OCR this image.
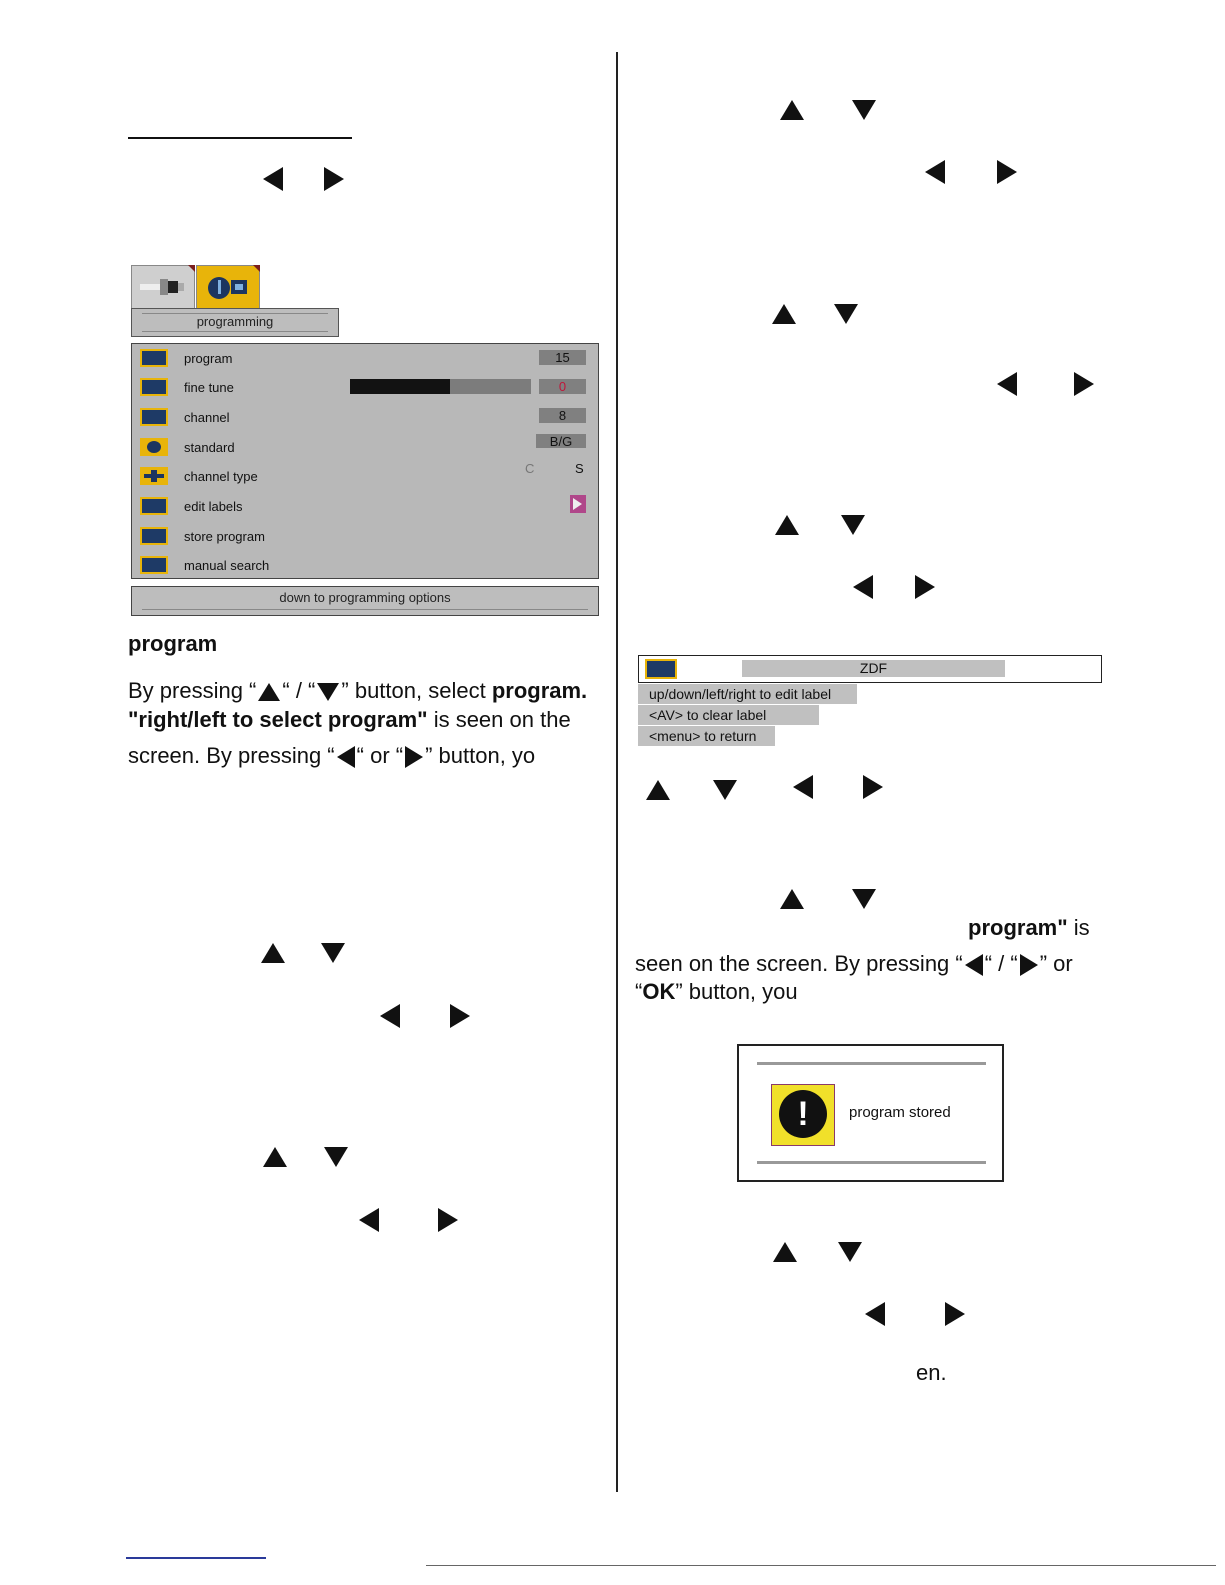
programming
program	15
fine tune	0
channel	8
standard	B/G
channel type
C	S
edit labels
store program
manual search
down to programming options
program
By pressing “ “ / “ ” button, select program.
"right/left to select program" is seen on the
screen. By pressing “ “ or “ ” button, yo
ZDF
up/down/left/right to edit label
<AV> to clear label
<menu> to return
program" is
seen on the screen. By pressing “ “ / “ ” or
“OK” button, you
!	program stored
en.
